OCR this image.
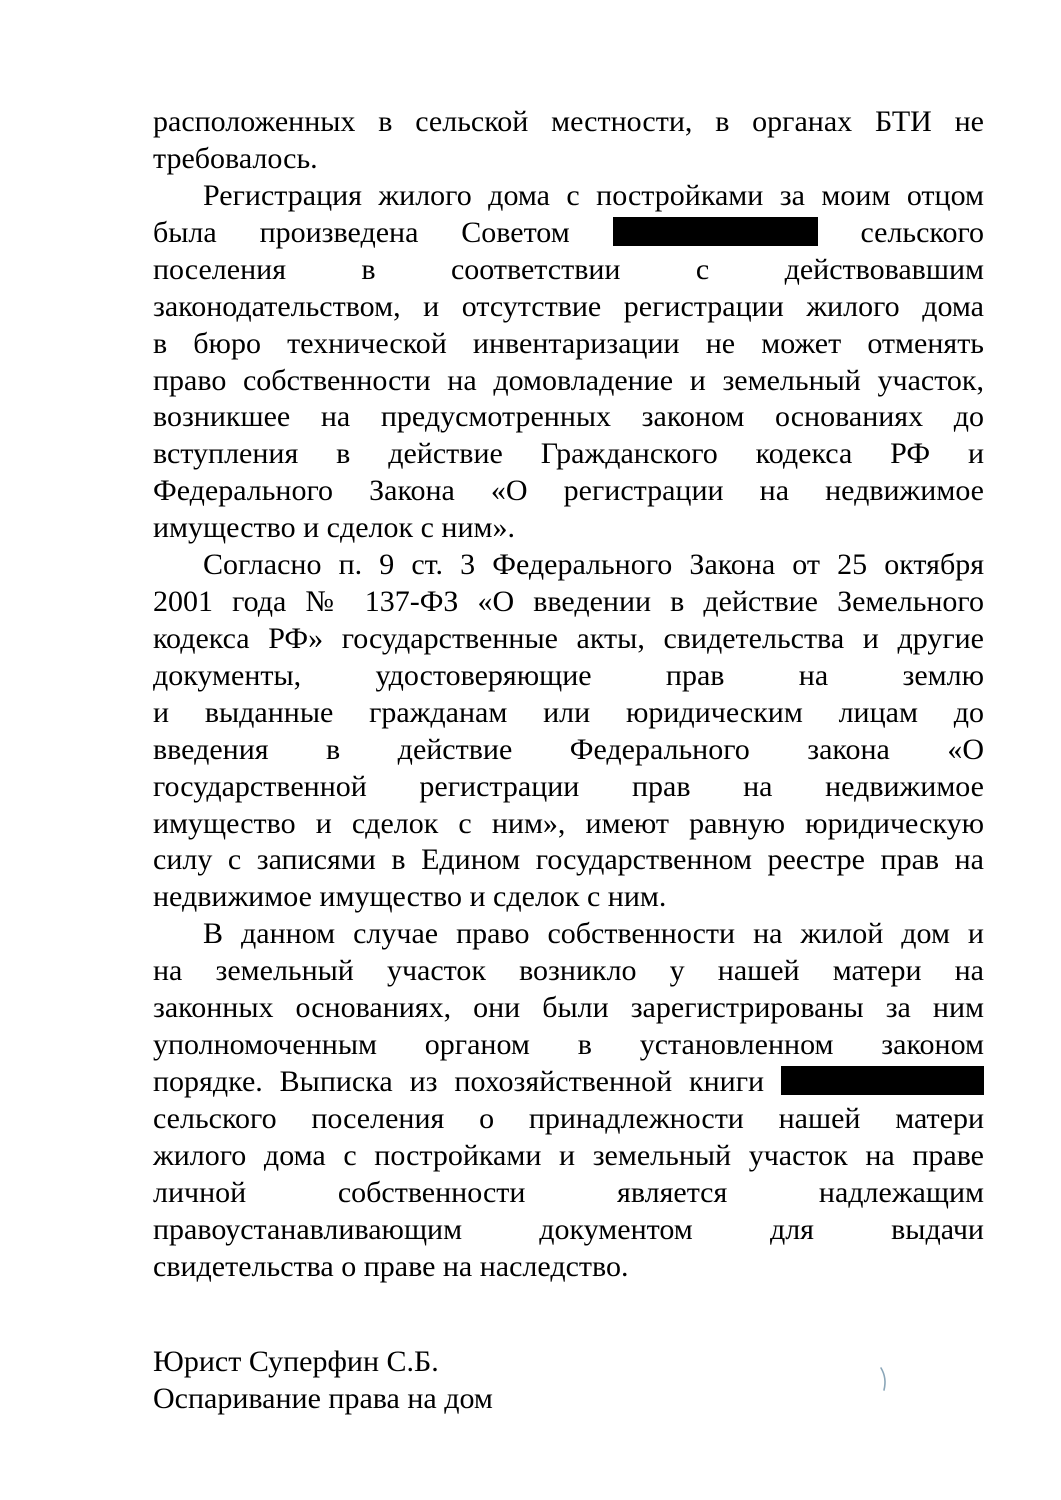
расположенных в сельской местности, в органах БТИ не
требовалось.
Регистрация жилого дома с постройками за моим отцом
была произведена Советом	сельского
поселения в соответствии с действовавшим
законодательством, и отсутствие регистрации жилого дома
в бюро технической инвентаризации не может отменять
право собственности на домовладение и земельный участок,
возникшее на предусмотренных законом основаниях до
вступления в действие Гражданского кодекса РФ и
Федерального Закона «О регистрации на недвижимое
имущество и сделок с ним».
Согласно п. 9 ст. 3 Федерального Закона от 25 октября
2001 года № 137-ФЗ «О введении в действие Земельного
кодекса РФ» государственные акты, свидетельства и другие
документы, удостоверяющие прав на землю
и выданные гражданам или юридическим лицам до
введения в действие Федерального закона «О
государственной регистрации прав на недвижимое
имущество и сделок с ним», имеют равную юридическую
силу с записями в Едином государственном реестре прав на
недвижимое имущество и сделок с ним.
В данном случае право собственности на жилой дом и
на земельный участок возникло у нашей матери на
законных основаниях, они были зарегистрированы за ним
уполномоченным органом в установленном законом
порядке. Выписка из похозяйственной книги
сельского поселения о принадлежности нашей матери
жилого дома с постройками и земельный участок на праве
личной собственности является надлежащим
правоустанавливающим документом для выдачи
свидетельства о праве на наследство.
Юрист Суперфин С.Б.
Оспаривание права на дом
